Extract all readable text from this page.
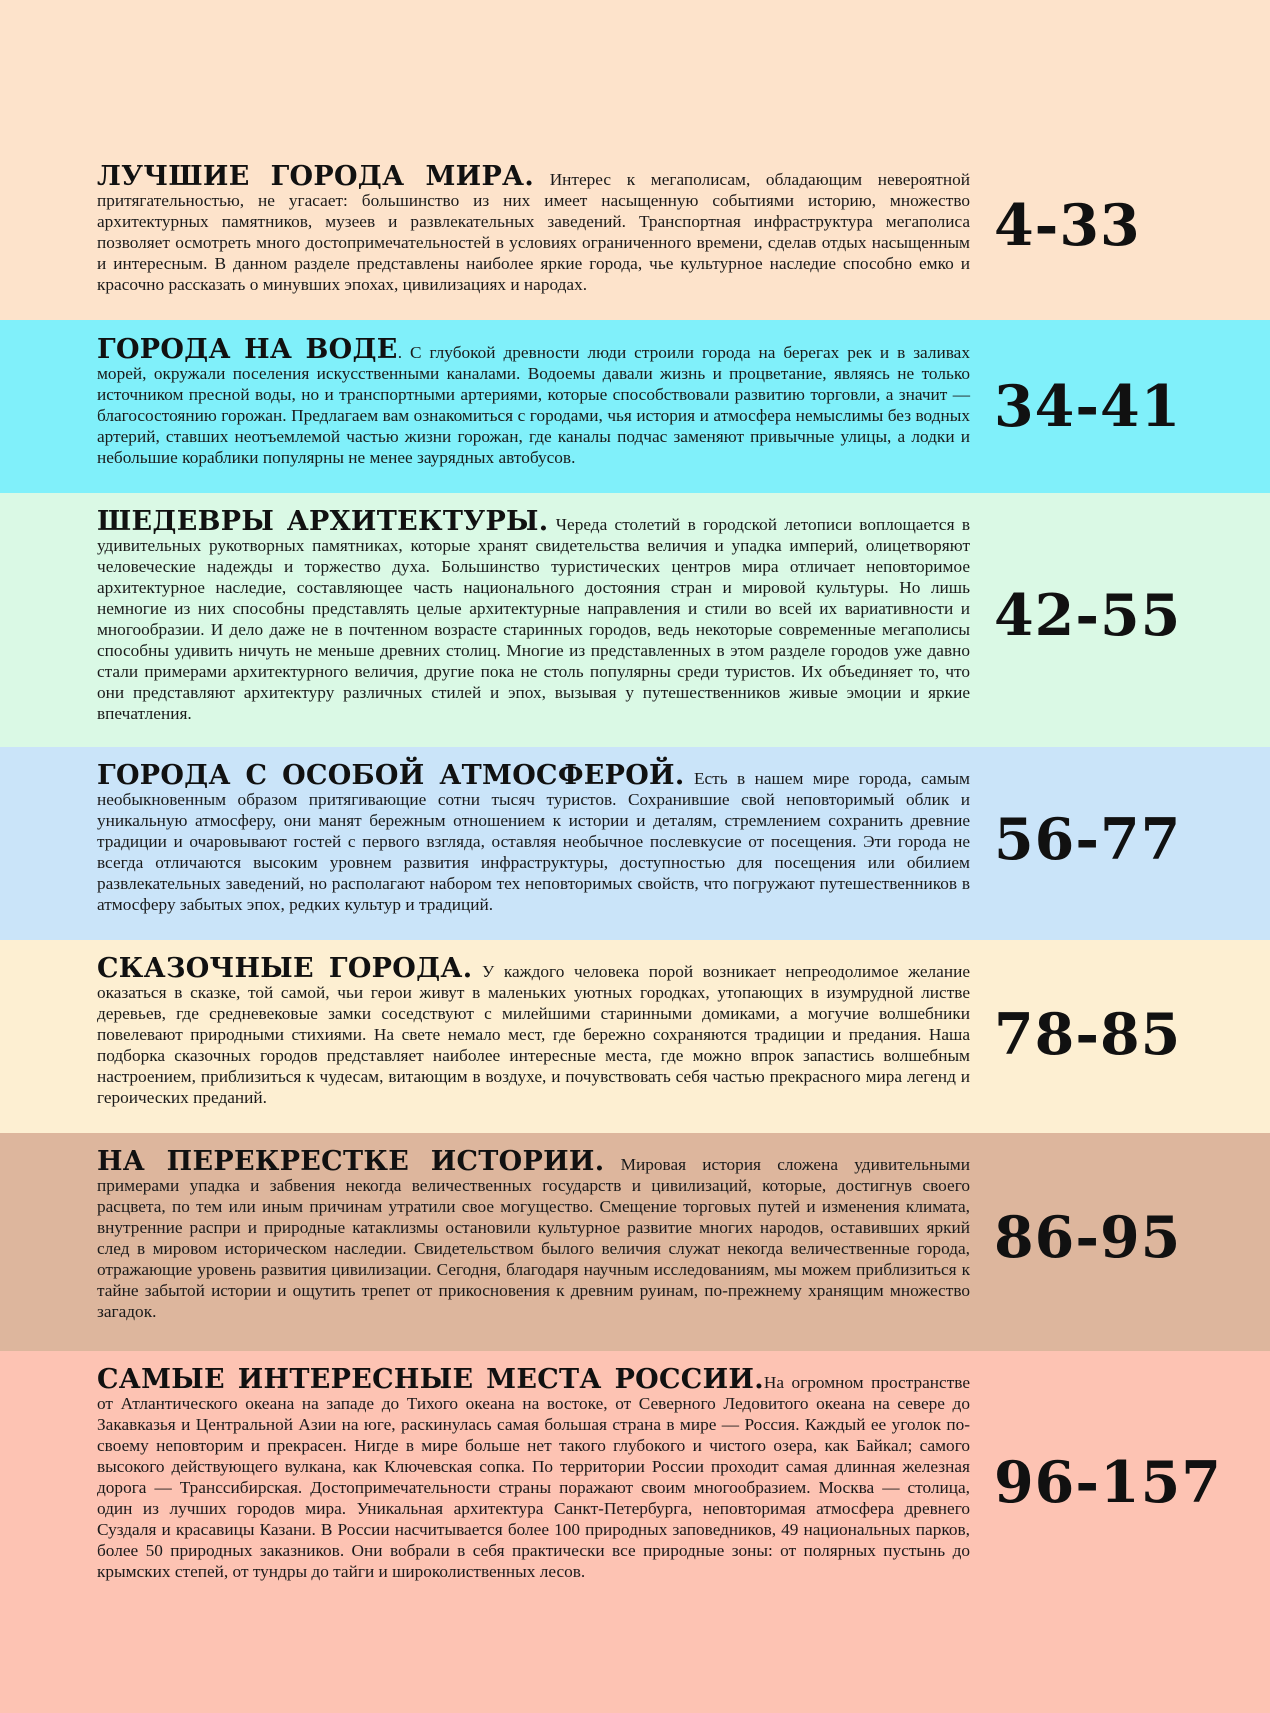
ЛУЧШИЕ ГОРОДА МИРА. Интерес к мегаполисам, обладающим невероятной притягательностью, не угасает: большинство из них имеет насыщенную событиями историю, множество архитектурных памятников, музеев и развлекательных заведений. Транспортная инфраструктура мегаполиса позволяет осмотреть много достопримечательностей в условиях ограниченного времени, сделав отдых насыщенным и интересным. В данном разделе представлены наиболее яркие города, чье культурное наследие способно емко и красочно рассказать о минувших эпохах, цивилизациях и народах.
4-33
ГОРОДА НА ВОДЕ. С глубокой древности люди строили города на берегах рек и в заливах морей, окружали поселения искусственными каналами. Водоемы давали жизнь и процветание, являясь не только источником пресной воды, но и транспортными артериями, которые способствовали развитию торговли, а значит — благосостоянию горожан. Предлагаем вам ознакомиться с городами, чья история и атмосфера немыслимы без водных артерий, ставших неотъемлемой частью жизни горожан, где каналы подчас заменяют привычные улицы, а лодки и небольшие кораблики популярны не менее заурядных автобусов.
34-41
ШЕДЕВРЫ АРХИТЕКТУРЫ. Череда столетий в городской летописи воплощается в удивительных рукотворных памятниках, которые хранят свидетельства величия и упадка империй, олицетворяют человеческие надежды и торжество духа. Большинство туристических центров мира отличает неповторимое архитектурное наследие, составляющее часть национального достояния стран и мировой культуры. Но лишь немногие из них способны представлять целые архитектурные направления и стили во всей их вариативности и многообразии. И дело даже не в почтенном возрасте старинных городов, ведь некоторые современные мегаполисы способны удивить ничуть не меньше древних столиц. Многие из представленных в этом разделе городов уже давно стали примерами архитектурного величия, другие пока не столь популярны среди туристов. Их объединяет то, что они представляют архитектуру различных стилей и эпох, вызывая у путешественников живые эмоции и яркие впечатления.
42-55
ГОРОДА С ОСОБОЙ АТМОСФЕРОЙ. Есть в нашем мире города, самым необыкновенным образом притягивающие сотни тысяч туристов. Сохранившие свой неповторимый облик и уникальную атмосферу, они манят бережным отношением к истории и деталям, стремлением сохранить древние традиции и очаровывают гостей с первого взгляда, оставляя необычное послевкусие от посещения. Эти города не всегда отличаются высоким уровнем развития инфраструктуры, доступностью для посещения или обилием развлекательных заведений, но располагают набором тех неповторимых свойств, что погружают путешественников в атмосферу забытых эпох, редких культур и традиций.
56-77
СКАЗОЧНЫЕ ГОРОДА. У каждого человека порой возникает непреодолимое желание оказаться в сказке, той самой, чьи герои живут в маленьких уютных городках, утопающих в изумрудной листве деревьев, где средневековые замки соседствуют с милейшими старинными домиками, а могучие волшебники повелевают природными стихиями. На свете немало мест, где бережно сохраняются традиции и предания. Наша подборка сказочных городов представляет наиболее интересные места, где можно впрок запастись волшебным настроением, приблизиться к чудесам, витающим в воздухе, и почувствовать себя частью прекрасного мира легенд и героических преданий.
78-85
НА ПЕРЕКРЕСТКЕ ИСТОРИИ. Мировая история сложена удивительными примерами упадка и забвения некогда величественных государств и цивилизаций, которые, достигнув своего расцвета, по тем или иным причинам утратили свое могущество. Смещение торговых путей и изменения климата, внутренние распри и природные катаклизмы остановили культурное развитие многих народов, оставивших яркий след в мировом историческом наследии. Свидетельством былого величия служат некогда величественные города, отражающие уровень развития цивилизации. Сегодня, благодаря научным исследованиям, мы можем приблизиться к тайне забытой истории и ощутить трепет от прикосновения к древним руинам, по-прежнему хранящим множество загадок.
86-95
САМЫЕ ИНТЕРЕСНЫЕ МЕСТА РОССИИ.На огромном пространстве от Атлантического океана на западе до Тихого океана на востоке, от Северного Ледовитого океана на севере до Закавказья и Центральной Азии на юге, раскинулась самая большая страна в мире — Россия. Каждый ее уголок по-своему неповторим и прекрасен. Нигде в мире больше нет такого глубокого и чистого озера, как Байкал; самого высокого действующего вулкана, как Ключевская сопка. По территории России проходит самая длинная железная дорога — Транссибирская. Достопримечательности страны поражают своим многообразием. Москва — столица, один из лучших городов мира. Уникальная архитектура Санкт-Петербурга, неповторимая атмосфера древнего Суздаля и красавицы Казани. В России насчитывается более 100 природных заповедников, 49 национальных парков, более 50 природных заказников. Они вобрали в себя практически все природные зоны: от полярных пустынь до крымских степей, от тундры до тайги и широколиственных лесов.
96-157
